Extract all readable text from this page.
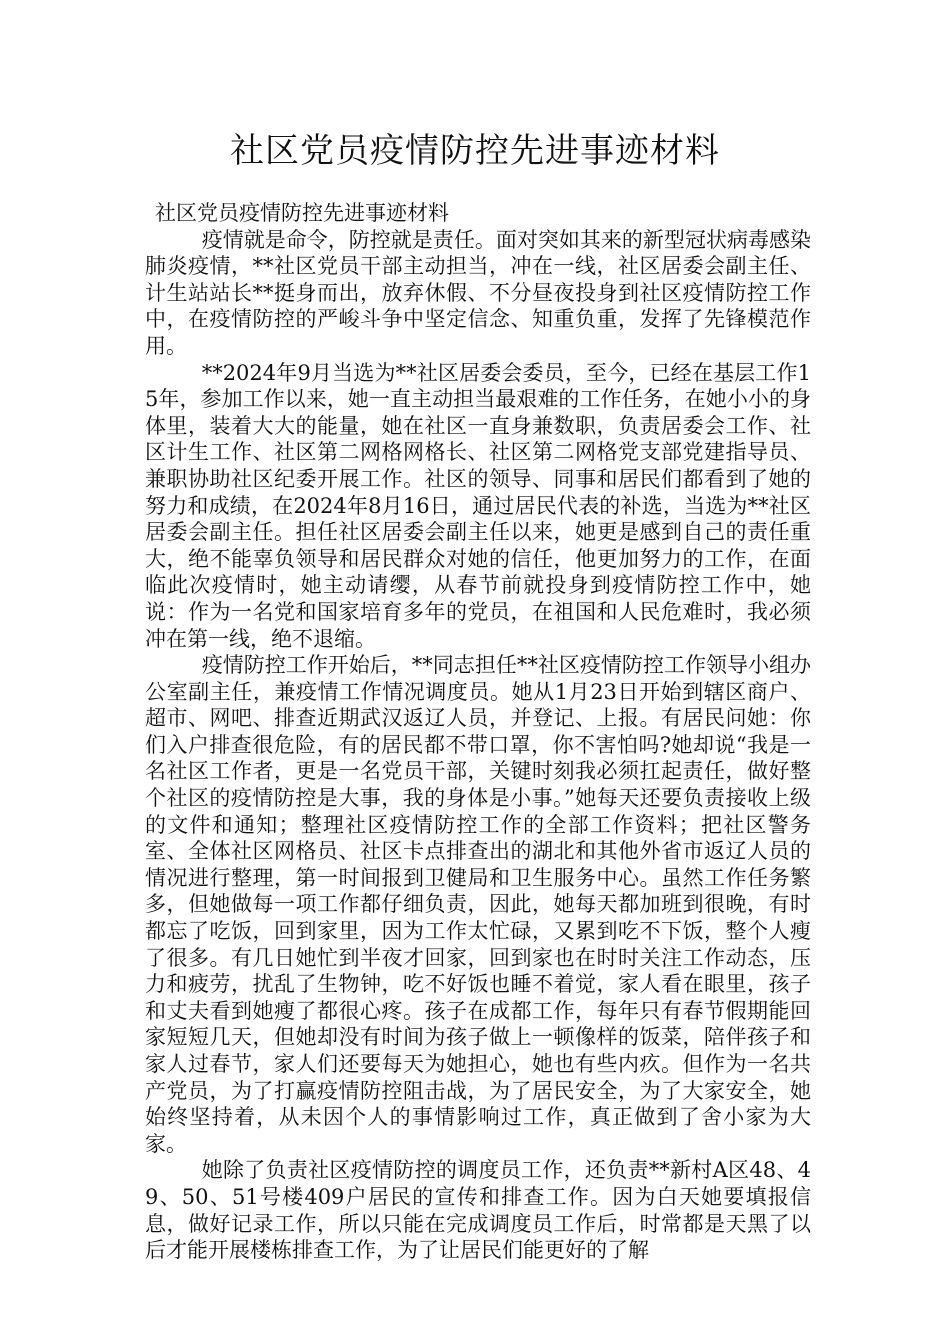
社区党员疫情防控先进事迹材料

社区党员疫情防控先进事迹材料

疫情就是命令，防控就是责任。面对突如其来的新型冠状病毒感染肺炎疫情，**社区党员干部主动担当，冲在一线，社区居委会副主任、计生站站长**挺身而出，放弃休假、不分昼夜投身到社区疫情防控工作中，在疫情防控的严峻斗争中坚定信念、知重负重，发挥了先锋模范作用。

**2024年9月当选为**社区居委会委员，至今，已经在基层工作15年，参加工作以来，她一直主动担当最艰难的工作任务，在她小小的身体里，装着大大的能量，她在社区一直身兼数职，负责居委会工作、社区计生工作、社区第二网格网格长、社区第二网格党支部党建指导员、兼职协助社区纪委开展工作。社区的领导、同事和居民们都看到了她的努力和成绩，在2024年8月16日，通过居民代表的补选，当选为**社区居委会副主任。担任社区居委会副主任以来，她更是感到自己的责任重大，绝不能辜负领导和居民群众对她的信任，他更加努力的工作，在面临此次疫情时，她主动请缨，从春节前就投身到疫情防控工作中，她说：作为一名党和国家培育多年的党员，在祖国和人民危难时，我必须冲在第一线，绝不退缩。

疫情防控工作开始后，**同志担任**社区疫情防控工作领导小组办公室副主任，兼疫情工作情况调度员。她从1月23日开始到辖区商户、超市、网吧、排查近期武汉返辽人员，并登记、上报。有居民问她：你们入户排查很危险，有的居民都不带口罩，你不害怕吗?她却说“我是一名社区工作者，更是一名党员干部，关键时刻我必须扛起责任，做好整个社区的疫情防控是大事，我的身体是小事。”她每天还要负责接收上级的文件和通知；整理社区疫情防控工作的全部工作资料；把社区警务室、全体社区网格员、社区卡点排查出的湖北和其他外省市返辽人员的情况进行整理，第一时间报到卫健局和卫生服务中心。虽然工作任务繁多，但她做每一项工作都仔细负责，因此，她每天都加班到很晚，有时都忘了吃饭，回到家里，因为工作太忙碌，又累到吃不下饭，整个人瘦了很多。有几日她忙到半夜才回家，回到家也在时时关注工作动态，压力和疲劳，扰乱了生物钟，吃不好饭也睡不着觉，家人看在眼里，孩子和丈夫看到她瘦了都很心疼。孩子在成都工作，每年只有春节假期能回家短短几天，但她却没有时间为孩子做上一顿像样的饭菜，陪伴孩子和家人过春节，家人们还要每天为她担心，她也有些内疚。但作为一名共产党员，为了打赢疫情防控阻击战，为了居民安全，为了大家安全，她始终坚持着，从未因个人的事情影响过工作，真正做到了舍小家为大家。

她除了负责社区疫情防控的调度员工作，还负责**新村A区48、49、50、51号楼409户居民的宣传和排查工作。因为白天她要填报信息，做好记录工作，所以只能在完成调度员工作后，时常都是天黑了以后才能开展楼栋排查工作，为了让居民们能更好的了解
